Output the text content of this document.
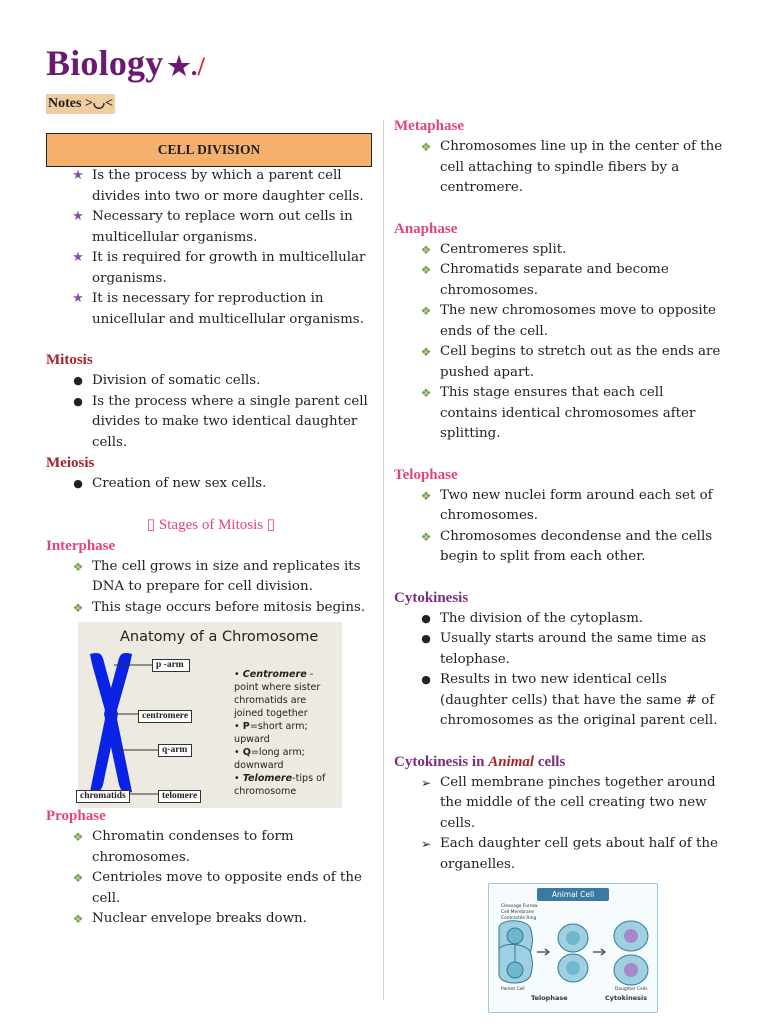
Biology ★./
Notes >◡<
CELL DIVISION
★ Is the process by which a parent cell divides into two or more daughter cells.
★ Necessary to replace worn out cells in multicellular organisms.
★ It is required for growth in multicellular organisms.
★ It is necessary for reproduction in unicellular and multicellular organisms.
Mitosis
● Division of somatic cells.
● Is the process where a single parent cell divides to make two identical daughter cells.
Meiosis
● Creation of new sex cells.
▯ Stages of Mitosis ▯
Interphase
❖ The cell grows in size and replicates its DNA to prepare for cell division.
❖ This stage occurs before mitosis begins.
Anatomy of a Chromosome
p -arm
centromere
q-arm
chromatids	telomere
• Centromere - point where sister chromatids are joined together
• P=short arm; upward
• Q=long arm; downward
• Telomere-tips of chromosome
Prophase
❖ Chromatin condenses to form chromosomes.
❖ Centrioles move to opposite ends of the cell.
❖ Nuclear envelope breaks down.
Metaphase
❖ Chromosomes line up in the center of the cell attaching to spindle fibers by a centromere.
Anaphase
❖ Centromeres split.
❖ Chromatids separate and become chromosomes.
❖ The new chromosomes move to opposite ends of the cell.
❖ Cell begins to stretch out as the ends are pushed apart.
❖ This stage ensures that each cell contains identical chromosomes after splitting.
Telophase
❖ Two new nuclei form around each set of chromosomes.
❖ Chromosomes decondense and the cells begin to split from each other.
Cytokinesis
● The division of the cytoplasm.
● Usually starts around the same time as telophase.
● Results in two new identical cells (daughter cells) that have the same # of chromosomes as the original parent cell.
Cytokinesis in Animal cells
➢ Cell membrane pinches together around the middle of the cell creating two new cells.
➢ Each daughter cell gets about half of the organelles.
Animal Cell
Cleavage Furrow
Cell Membrane
Contractile Ring
Parent Cell	Daughter Cells
Telophase	Cytokinesis
